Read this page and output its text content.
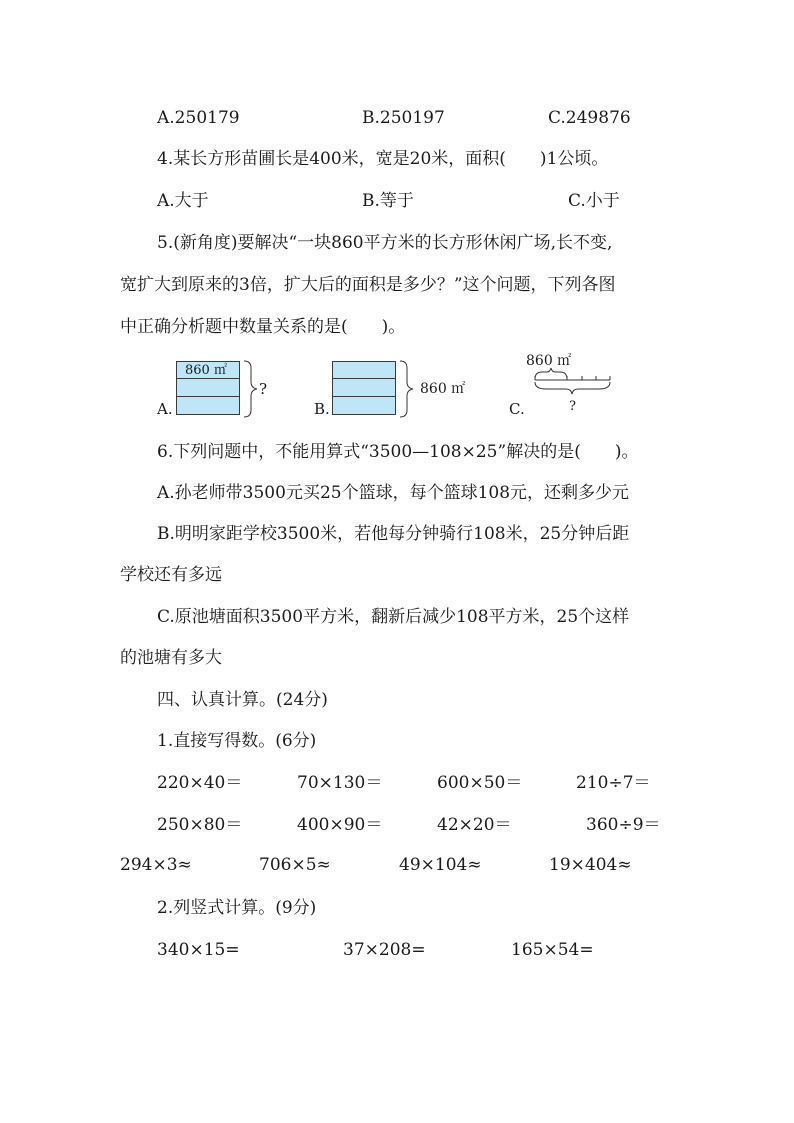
A.250179	B.250197	C.249876
4.某长方形苗圃长是400米，宽是20米，面积(　　)1公顷。
A.大于	B.等于	C.小于
5.(新角度)要解决“一块860平方米的长方形休闲广场,长不变,
宽扩大到原来的3倍，扩大后的面积是多少？”这个问题，下列各图
中正确分析题中数量关系的是(　　)。
A.
860 ㎡
?
B.
860 ㎡
C.
860 ㎡
?
6.下列问题中，不能用算式“3500—108×25”解决的是(　　)。
A.孙老师带3500元买25个篮球，每个篮球108元，还剩多少元
B.明明家距学校3500米，若他每分钟骑行108米，25分钟后距
学校还有多远
C.原池塘面积3500平方米，翻新后减少108平方米，25个这样
的池塘有多大
四、认真计算。(24分)
1.直接写得数。(6分)
220×40＝	70×130＝	600×50＝	210÷7＝
250×80＝	400×90＝	42×20＝	360÷9＝
294×3≈	706×5≈	49×104≈	19×404≈
2.列竖式计算。(9分)
340×15=	37×208=	165×54=
